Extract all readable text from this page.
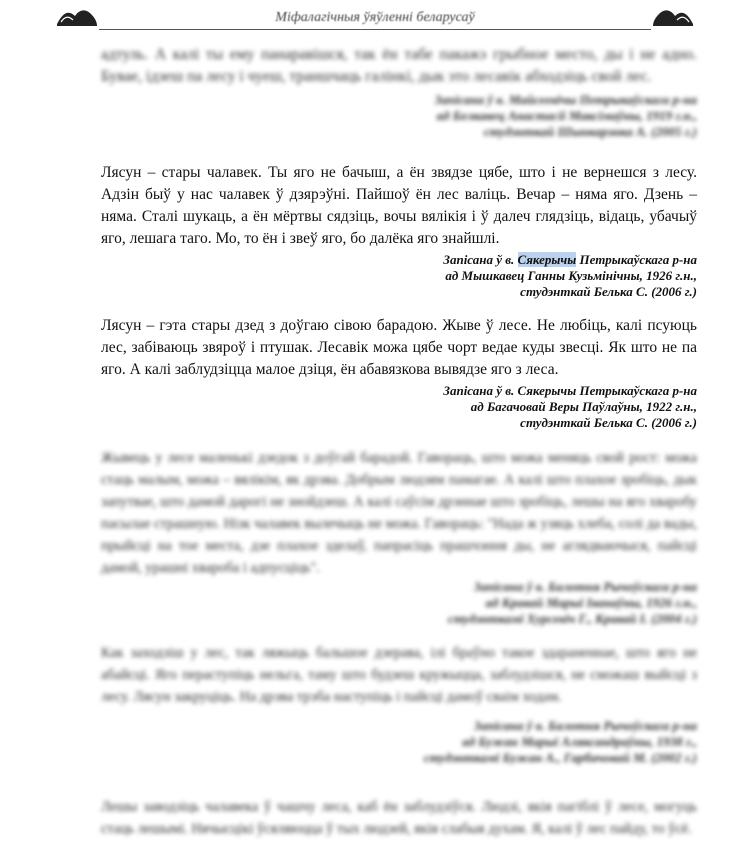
Міфалагічныя ўяўленні беларусаў

адтуль. А калі ты ему панаравішся, так ён табе пакажэ грыбное место, ды і не адно. Бувае, ідзеш па лесу і чуеш, траншчаць галінкі, дык это лесавік абходзіць свой лес.

Запісана ў в. Майсеевічы Петрыкаўскага р-на

ад Белкавец Анастасіі Максімаўны, 1919 г.н.,

студэнткай Шынкарэнка А. (2005 г.)

Лясун – стары чалавек. Ты яго не бачыш, а ён звядзе цябе, што і не вернешся з лесу. Адзін быў у нас чалавек ў дзярэўні. Пайшоў ён лес валіць. Вечар – няма яго. Дзень – няма. Сталі шукаць, а ён мёртвы сядзіць, вочы вялікія і ў далеч глядзіць, відаць, убачыў яго, лешага таго. Мо, то ён і звеў яго, бо далёка яго знайшлі.

Запісана ў в. Сякерычы Петрыкаўскага р-на

ад Мышкавец Ганны Кузьмінічны, 1926 г.н.,

студэнткай Белька С. (2006 г.)

Лясун – гэта стары дзед з доўгаю сівою барадою. Жыве ў лесе. Не любіць, калі псуюць лес, забіваюць звяроў і птушак. Лесавік можа цябе чорт ведае куды звесці. Як што не па яго. А калі заблудзіцца малое дзіця, ён абавязкова вывядзе яго з леса.

Запісана ў в. Сякерычы Петрыкаўскага р-на

ад Багачовай Веры Паўлаўны, 1922 г.н.,

студэнткай Белька С. (2006 г.)

Жывець у лесе маленькі дзедок з доўгай барадой. Гавораць, што можа меняць свой рост: можа стаць малым, можа – вялікім, як дрэва. Добрым людзям памагае. А калі што плахое зробіць, дык запутвае, што дамой дарогі не знойдзеш. А калі саўсім дрэннае што зробіць, лешы на яго хваробу пасылае страшную. Нізк чалавек вылечыць не можа. Гавораць: "Нада ж узяць хлеба, солі да вады, прыйсці на тое места, дзе плахое зделаў, папрасіць прашчэння ды, не аглядваючыся, пайсці дамой, урашні хвароба і адпусціць".

Запісана ў в. Балотня Рычоўскага р-на

ад Кравай Марыі Іванаўны, 1926 г.н.,

студэнткамі Хурсевіч Г., Кравай І. (2004 г.)

Как заходзіш у лес, так ляжыць бальшое дзерава, ілі браўно такое здараненнае, што яго не абайсці. Яго пераступіць нельга, таму што будзеш кружыцца, заблудзішся, не сможаш выйсці з лесу. Лясун закруціць. На дрэва трэба наступіць і пайсці дамоў сваім ходам.

Запісана ў в. Балотня Рычоўскага р-на

ад Бужан Марыі Аляксандраўны, 1938 г.,

студэнткамі Бужан А., Гарбачовай М. (2002 г.)

Лешы заводзіць чалавека ў чашчу леса, каб ён заблудзіўся. Людзі, якія пагіблі ў лесе, могуць стаць лешымі. Нячысцікі ўсяляюцца ў тых людзей, якія слабыя духам. Я, калі ў лес пайду, то ўсё.
